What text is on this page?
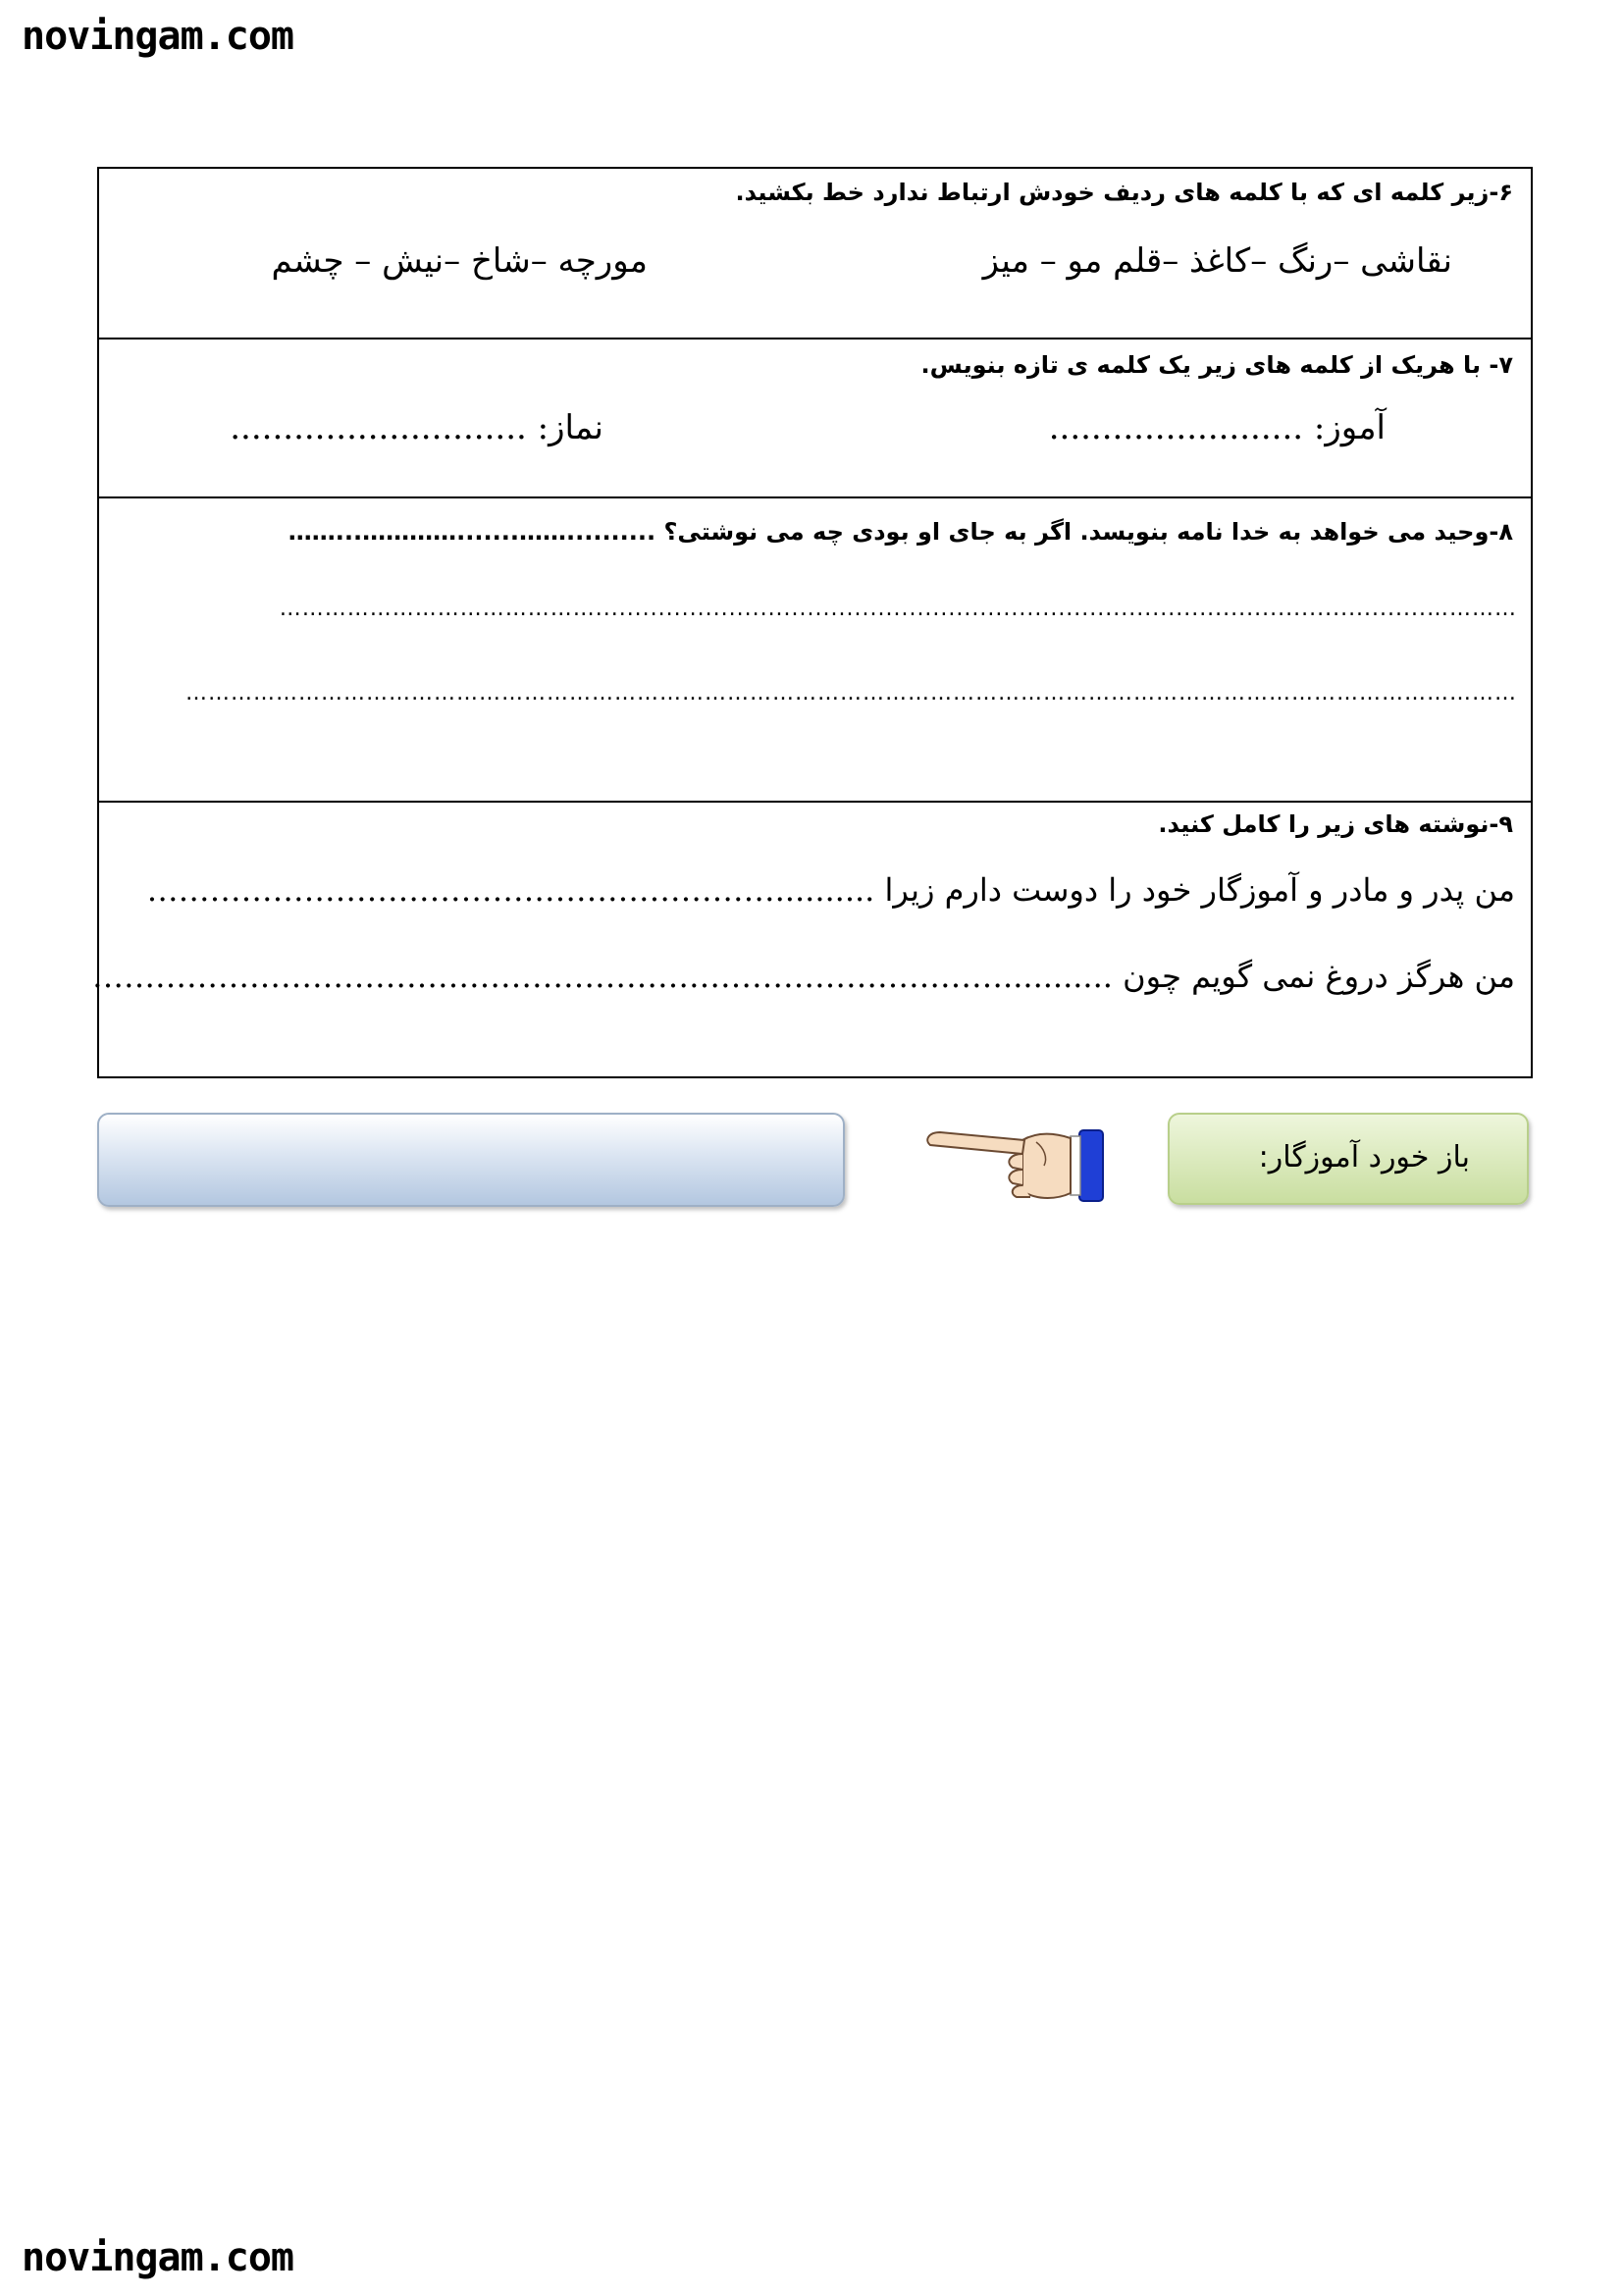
novingam.com
۶-زیر کلمه ای که با کلمه های ردیف خودش ارتباط ندارد خط بکشید.
نقاشی –رنگ –کاغذ –قلم مو – میز
مورچه –شاخ –نیش – چشم
۷- با هریک از کلمه های زیر یک کلمه ی تازه بنویس.
آموز: ........................
نماز: ............................
۸-وحید می خواهد به خدا نامه بنویسد. اگر به جای او بودی چه می نوشتی؟ ..........…….......…………...……
…………..........................................................................................................……………………………………
……………………………………………………………………………………………………………………………………………………………
۹-نوشته های زیر را کامل کنید.
من پدر و مادر و آموزگار خود را دوست دارم زیرا ..........……………………………………………………
من هرگز دروغ نمی گویم چون ...........……………………………………………………………………………
باز خورد آموزگار:
novingam.com
